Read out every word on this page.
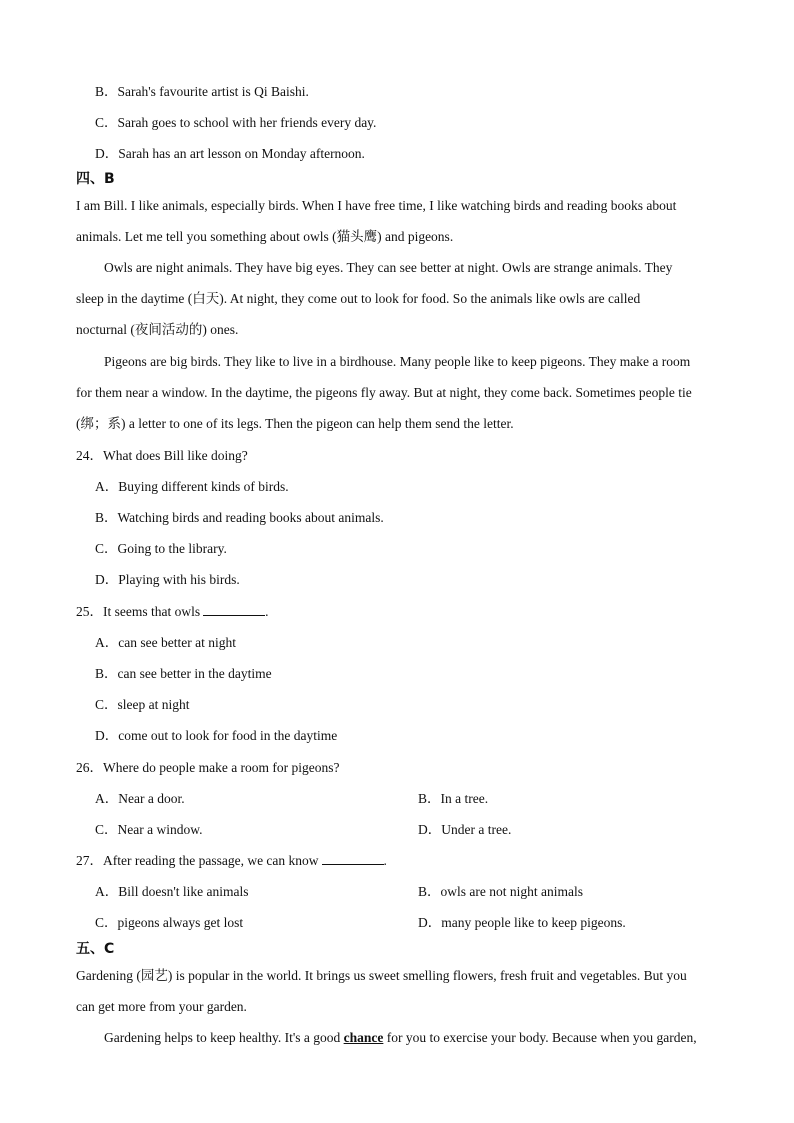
B．Sarah's favourite artist is Qi Baishi.
C．Sarah goes to school with her friends every day.
D．Sarah has an art lesson on Monday afternoon.
四、B
I am Bill. I like animals, especially birds. When I have free time, I like watching birds and reading books about
animals. Let me tell you something about owls (猫头鹰) and pigeons.
Owls are night animals. They have big eyes. They can see better at night. Owls are strange animals. They
sleep in the daytime (白天). At night, they come out to look for food. So the animals like owls are called
nocturnal (夜间活动的) ones.
Pigeons are big birds. They like to live in a birdhouse. Many people like to keep pigeons. They make a room
for them near a window. In the daytime, the pigeons fly away. But at night, they come back. Sometimes people tie
(绑；系) a letter to one of its legs. Then the pigeon can help them send the letter.
24．What does Bill like doing?
A．Buying different kinds of birds.
B．Watching birds and reading books about animals.
C．Going to the library.
D．Playing with his birds.
25．It seems that owls	.
A．can see better at night
B．can see better in the daytime
C．sleep at night
D．come out to look for food in the daytime
26．Where do people make a room for pigeons?
A．Near a door.	B．In a tree.
C．Near a window.	D．Under a tree.
27．After reading the passage, we can know	.
A．Bill doesn't like animals	B．owls are not night animals
C．pigeons always get lost	D．many people like to keep pigeons.
五、C
Gardening (园艺) is popular in the world. It brings us sweet smelling flowers, fresh fruit and vegetables. But you
can get more from your garden.
Gardening helps to keep healthy. It's a good chance for you to exercise your body. Because when you garden,
